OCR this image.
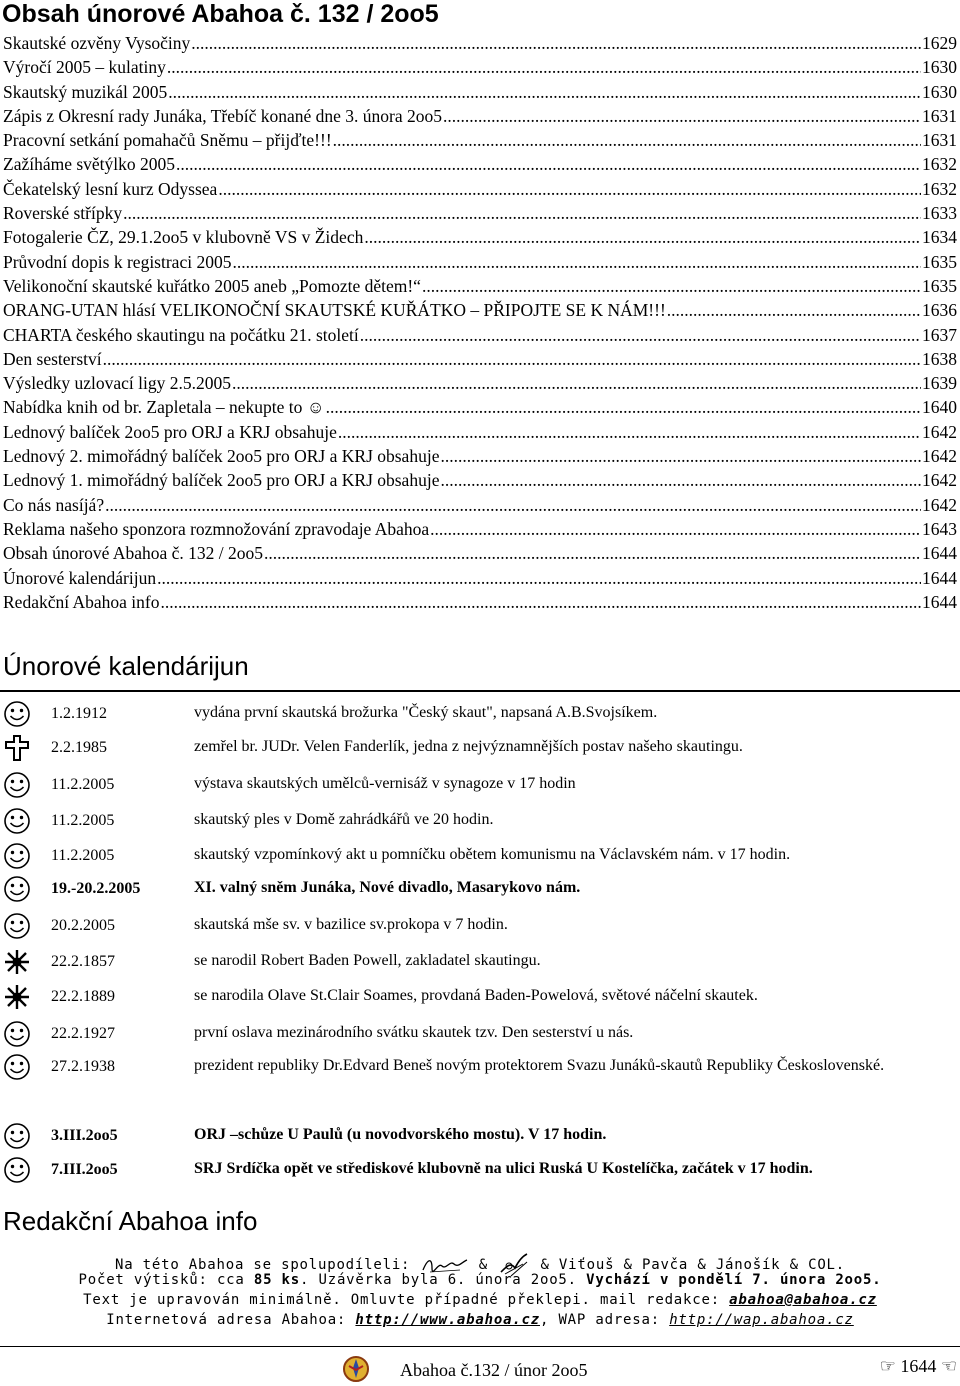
Obsah únorové Abahoa č. 132 / 2oo5
Skautské ozvěny Vysočiny .....	1629
Výročí 2005 – kulatiny .....	1630
Skautský muzikál 2005 .....	1630
Zápis z Okresní rady Junáka, Třebíč konané dne 3. února 2oo5 .....	1631
Pracovní setkání pomahačů Sněmu – přijďte!!! .....	1631
Zažíháme světýlko 2005 .....	1632
Čekatelský lesní kurz Odyssea .....	1632
Roverské střípky .....	1633
Fotogalerie ČZ, 29.1.2oo5 v klubovně VS v Židech .....	1634
Průvodní dopis k registraci 2005 .....	1635
Velikonoční skautské kuřátko 2005 aneb „Pomozte dětem!“ .....	1635
ORANG-UTAN hlásí VELIKONOČNÍ SKAUTSKÉ KUŘÁTKO – PŘIPOJTE SE K NÁM!!! .....	1636
CHARTA českého skautingu na počátku 21. století .....	1637
Den sesterství .....	1638
Výsledky uzlovací ligy 2.5.2005 .....	1639
Nabídka knih od br. Zapletala – nekupte to ☺ .....	1640
Lednový balíček 2oo5 pro ORJ a KRJ obsahuje .....	1642
Lednový 2. mimořádný balíček 2oo5 pro ORJ a KRJ obsahuje .....	1642
Lednový 1. mimořádný balíček 2oo5 pro ORJ a KRJ obsahuje .....	1642
Co nás nasíjá? .....	1642
Reklama našeho sponzora rozmnožování zpravodaje Abahoa .....	1643
Obsah únorové Abahoa č. 132 / 2oo5 .....	1644
Únorové kalendárijun .....	1644
Redakční Abahoa info .....	1644
Únorové kalendárijun
1.2.1912	vydána první skautská brožurka "Český skaut", napsaná A.B.Svojsíkem.
2.2.1985	zemřel br. JUDr. Velen Fanderlík, jedna z nejvýznamnějších postav našeho skautingu.
11.2.2005	výstava skautských umělců-vernisáž v synagoze v 17 hodin
11.2.2005	skautský ples v Domě zahrádkářů ve 20 hodin.
11.2.2005	skautský vzpomínkový akt u pomníčku obětem komunismu na Václavském nám. v 17 hodin.
19.-20.2.2005	XI. valný sněm Junáka, Nové divadlo, Masarykovo nám.
20.2.2005	skautská mše sv. v bazilice sv.prokopa v 7 hodin.
22.2.1857	se narodil Robert Baden Powell, zakladatel skautingu.
22.2.1889	se narodila Olave St.Clair Soames, provdaná Baden-Powelová, světové náčelní skautek.
22.2.1927	první oslava mezinárodního svátku skautek tzv. Den sesterství u nás.
27.2.1938	prezident republiky Dr.Edvard Beneš novým protektorem Svazu Junáků-skautů Republiky Československé.
3.III.2oo5	ORJ –schůze U Paulů (u novodvorského mostu). V 17 hodin.
7.III.2oo5	SRJ Srdíčka opět ve střediskové klubovně na ulici Ruská U Kostelíčka, začátek v 17 hodin.
Redakční Abahoa info
Na této Abahoa se spolupodíleli:	&	& Viťouš & Pavča & Jánošík & COL.
Počet výtisků: cca 85 ks. Uzávěrka byla 6. února 2oo5. Vychází v pondělí 7. února 2oo5.
Text je upravován minimálně. Omluvte případné překlepi. mail redakce: abahoa@abahoa.cz
Internetová adresa Abahoa: http://www.abahoa.cz, WAP adresa: http://wap.abahoa.cz
Abahoa č.132 / únor 2oo5	☞ 1644 ☜
